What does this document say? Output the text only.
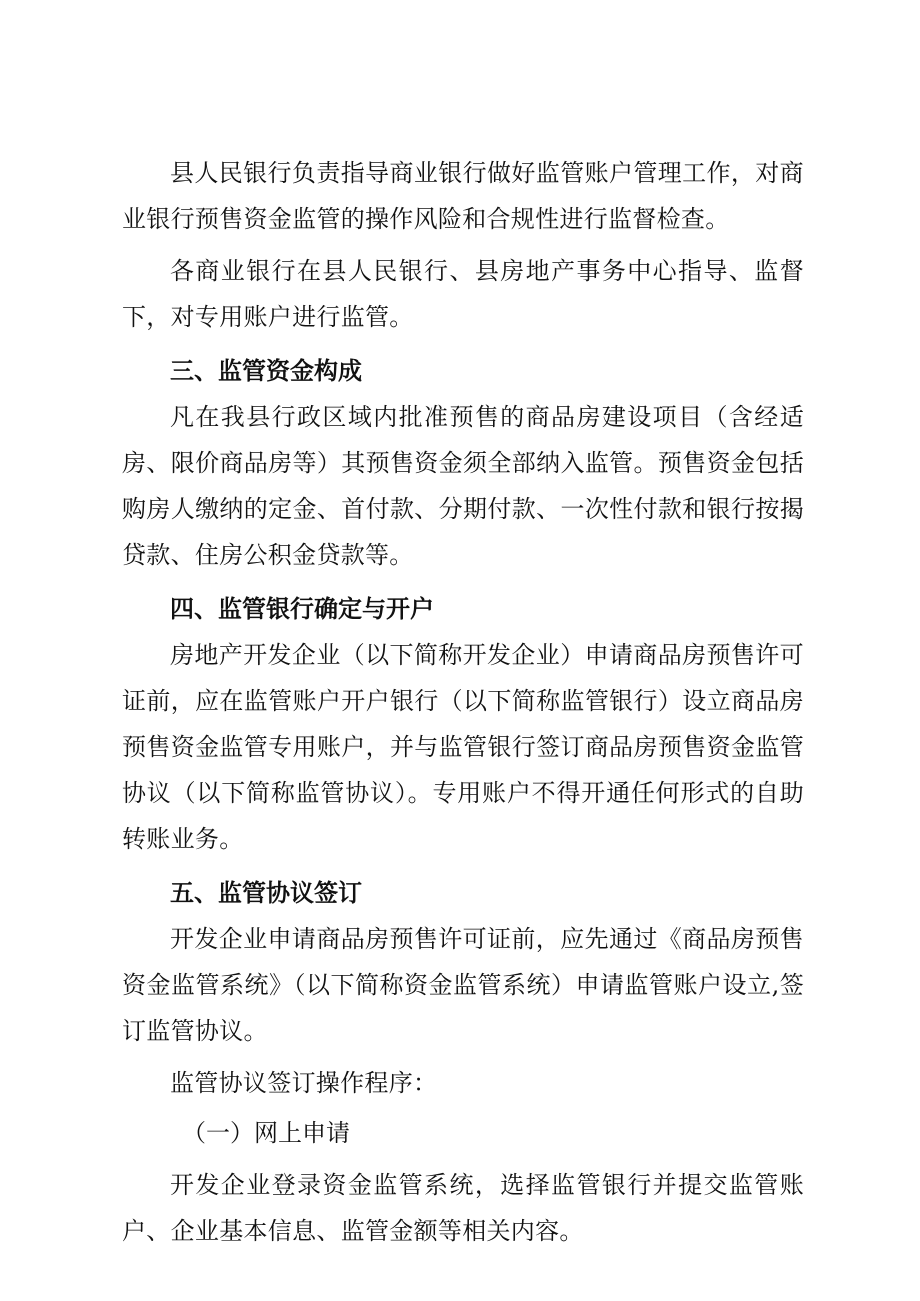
县人民银行负责指导商业银行做好监管账户管理工作，对商业银行预售资金监管的操作风险和合规性进行监督检查。

各商业银行在县人民银行、县房地产事务中心指导、监督下，对专用账户进行监管。

三、监管资金构成

凡在我县行政区域内批准预售的商品房建设项目（含经适房、限价商品房等）其预售资金须全部纳入监管。预售资金包括购房人缴纳的定金、首付款、分期付款、一次性付款和银行按揭贷款、住房公积金贷款等。

四、监管银行确定与开户

房地产开发企业（以下简称开发企业）申请商品房预售许可证前，应在监管账户开户银行（以下简称监管银行）设立商品房预售资金监管专用账户，并与监管银行签订商品房预售资金监管协议（以下简称监管协议）。专用账户不得开通任何形式的自助转账业务。

五、监管协议签订

开发企业申请商品房预售许可证前，应先通过《商品房预售资金监管系统》（以下简称资金监管系统）申请监管账户设立,签订监管协议。

监管协议签订操作程序：

（一）网上申请

开发企业登录资金监管系统，选择监管银行并提交监管账户、企业基本信息、监管金额等相关内容。
